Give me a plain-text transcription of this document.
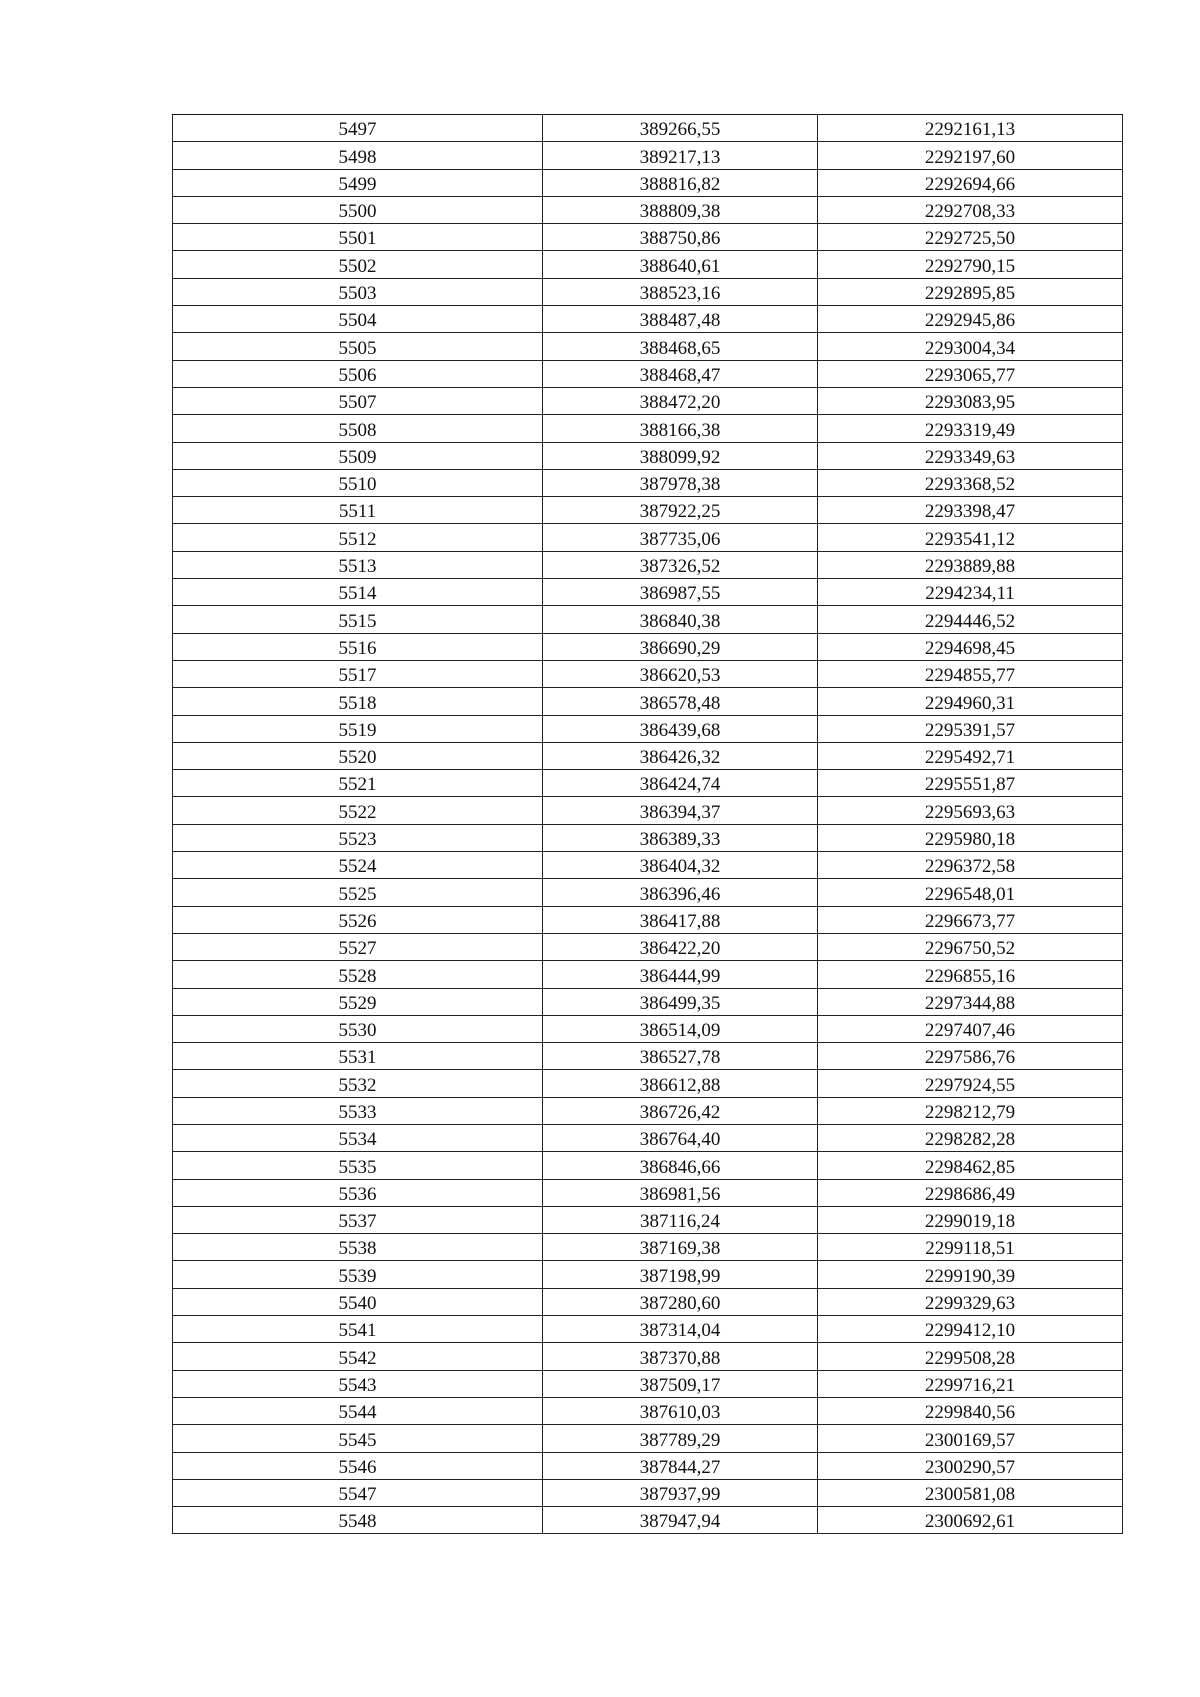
5497	389266,55	2292161,13
5498	389217,13	2292197,60
5499	388816,82	2292694,66
5500	388809,38	2292708,33
5501	388750,86	2292725,50
5502	388640,61	2292790,15
5503	388523,16	2292895,85
5504	388487,48	2292945,86
5505	388468,65	2293004,34
5506	388468,47	2293065,77
5507	388472,20	2293083,95
5508	388166,38	2293319,49
5509	388099,92	2293349,63
5510	387978,38	2293368,52
5511	387922,25	2293398,47
5512	387735,06	2293541,12
5513	387326,52	2293889,88
5514	386987,55	2294234,11
5515	386840,38	2294446,52
5516	386690,29	2294698,45
5517	386620,53	2294855,77
5518	386578,48	2294960,31
5519	386439,68	2295391,57
5520	386426,32	2295492,71
5521	386424,74	2295551,87
5522	386394,37	2295693,63
5523	386389,33	2295980,18
5524	386404,32	2296372,58
5525	386396,46	2296548,01
5526	386417,88	2296673,77
5527	386422,20	2296750,52
5528	386444,99	2296855,16
5529	386499,35	2297344,88
5530	386514,09	2297407,46
5531	386527,78	2297586,76
5532	386612,88	2297924,55
5533	386726,42	2298212,79
5534	386764,40	2298282,28
5535	386846,66	2298462,85
5536	386981,56	2298686,49
5537	387116,24	2299019,18
5538	387169,38	2299118,51
5539	387198,99	2299190,39
5540	387280,60	2299329,63
5541	387314,04	2299412,10
5542	387370,88	2299508,28
5543	387509,17	2299716,21
5544	387610,03	2299840,56
5545	387789,29	2300169,57
5546	387844,27	2300290,57
5547	387937,99	2300581,08
5548	387947,94	2300692,61
